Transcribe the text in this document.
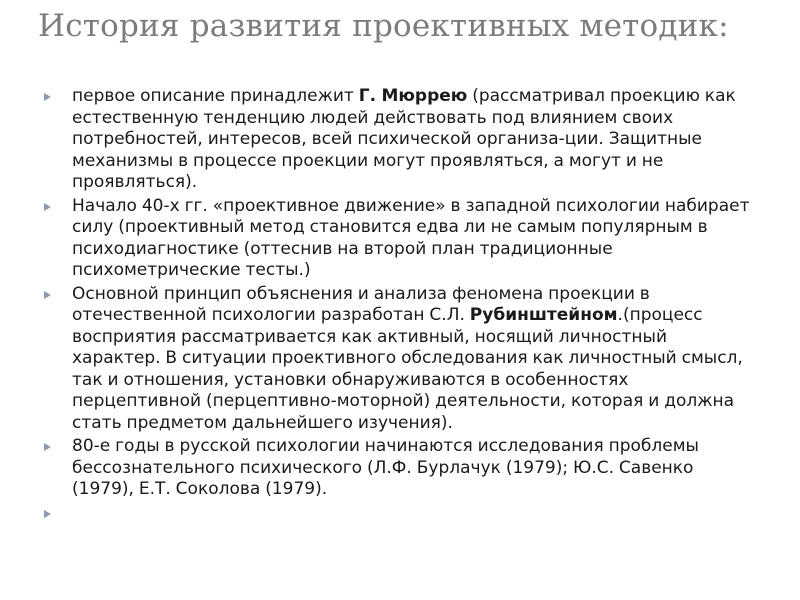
История развития проективных методик:
первое описание принадлежит Г. Мюррею (рассматривал проекцию как естественную тенденцию людей действовать под влиянием своих потребностей, интересов, всей психической организа-ции. Защитные механизмы в процессе проекции могут проявляться, а могут и не проявляться).
Начало 40-х гг. «проективное движение» в западной психологии набирает силу (проективный метод становится едва ли не самым популярным в психодиагностике (оттеснив на второй план традиционные психометрические тесты.)
Основной принцип объяснения и анализа феномена проекции в отечественной психологии разработан С.Л. Рубинштейном.(процесс восприятия рассматривается как активный, носящий личностный характер. В ситуации проективного обследования как личностный смысл, так и отношения, установки обнаруживаются в особенностях перцептивной (перцептивно-моторной) деятельности, которая и должна стать предметом дальнейшего изучения).
80-е годы в русской психологии начинаются исследования проблемы бессознательного психического (Л.Ф. Бурлачук (1979); Ю.С. Савенко (1979), Е.Т. Соколова (1979).
